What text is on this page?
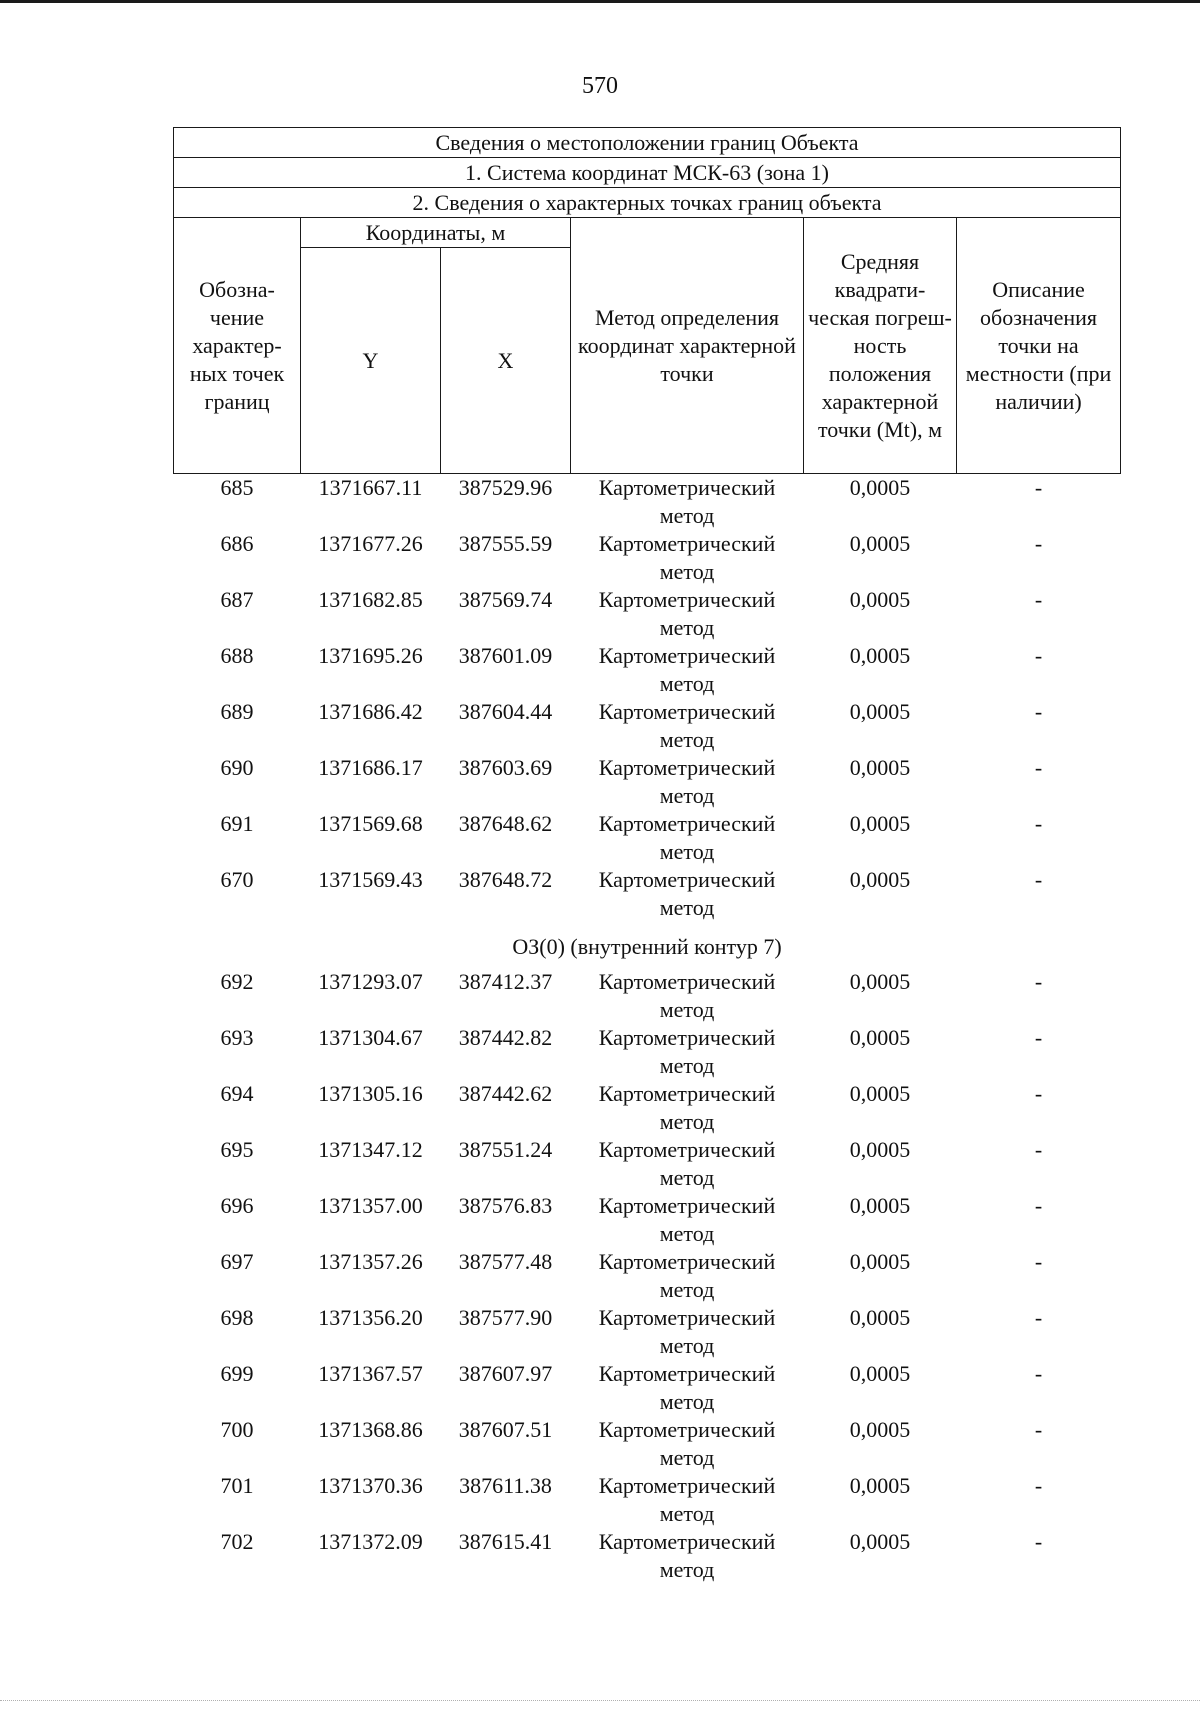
570
Сведения о местоположении границ Объекта					
1. Система координат МСК-63 (зона 1)					
2. Сведения о характерных точках границ объекта					
Обозна-чение характер-ных точек границ	Координаты, м		Метод определения координат характерной точки	Средняя квадрати-ческая погреш-ность положения характерной точки (Mt), м	Описание обозначения точки на местности (при наличии)
	Y	X			
685	1371667.11	387529.96	Картометрический метод	0,0005	-
686	1371677.26	387555.59	Картометрический метод	0,0005	-
687	1371682.85	387569.74	Картометрический метод	0,0005	-
688	1371695.26	387601.09	Картометрический метод	0,0005	-
689	1371686.42	387604.44	Картометрический метод	0,0005	-
690	1371686.17	387603.69	Картометрический метод	0,0005	-
691	1371569.68	387648.62	Картометрический метод	0,0005	-
670	1371569.43	387648.72	Картометрический метод	0,0005	-
ОЗ(0) (внутренний контур 7)					
692	1371293.07	387412.37	Картометрический метод	0,0005	-
693	1371304.67	387442.82	Картометрический метод	0,0005	-
694	1371305.16	387442.62	Картометрический метод	0,0005	-
695	1371347.12	387551.24	Картометрический метод	0,0005	-
696	1371357.00	387576.83	Картометрический метод	0,0005	-
697	1371357.26	387577.48	Картометрический метод	0,0005	-
698	1371356.20	387577.90	Картометрический метод	0,0005	-
699	1371367.57	387607.97	Картометрический метод	0,0005	-
700	1371368.86	387607.51	Картометрический метод	0,0005	-
701	1371370.36	387611.38	Картометрический метод	0,0005	-
702	1371372.09	387615.41	Картометрический метод	0,0005	-
